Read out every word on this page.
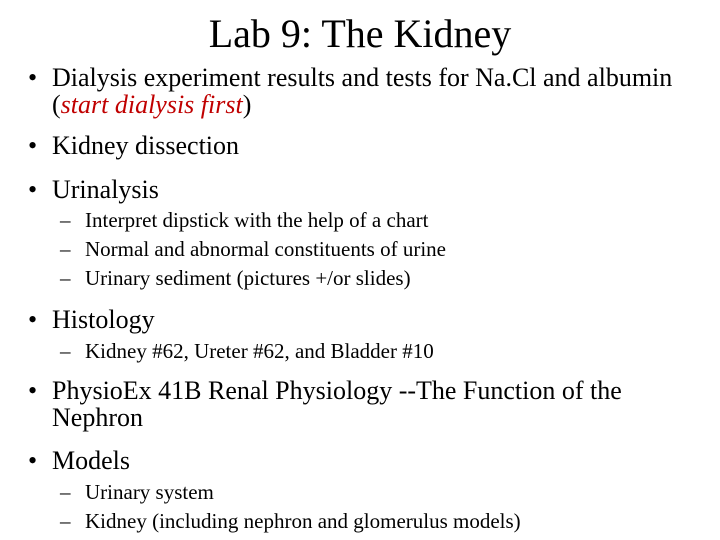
Lab 9: The Kidney
• Dialysis experiment results and tests for Na.Cl and albumin (start dialysis first)
• Kidney dissection
• Urinalysis
– Interpret dipstick with the help of a chart
– Normal and abnormal constituents of urine
– Urinary sediment (pictures +/or slides)
• Histology
– Kidney #62, Ureter #62, and Bladder #10
• PhysioEx 41B Renal Physiology --The Function of the Nephron
• Models
– Urinary system
– Kidney (including nephron and glomerulus models)
